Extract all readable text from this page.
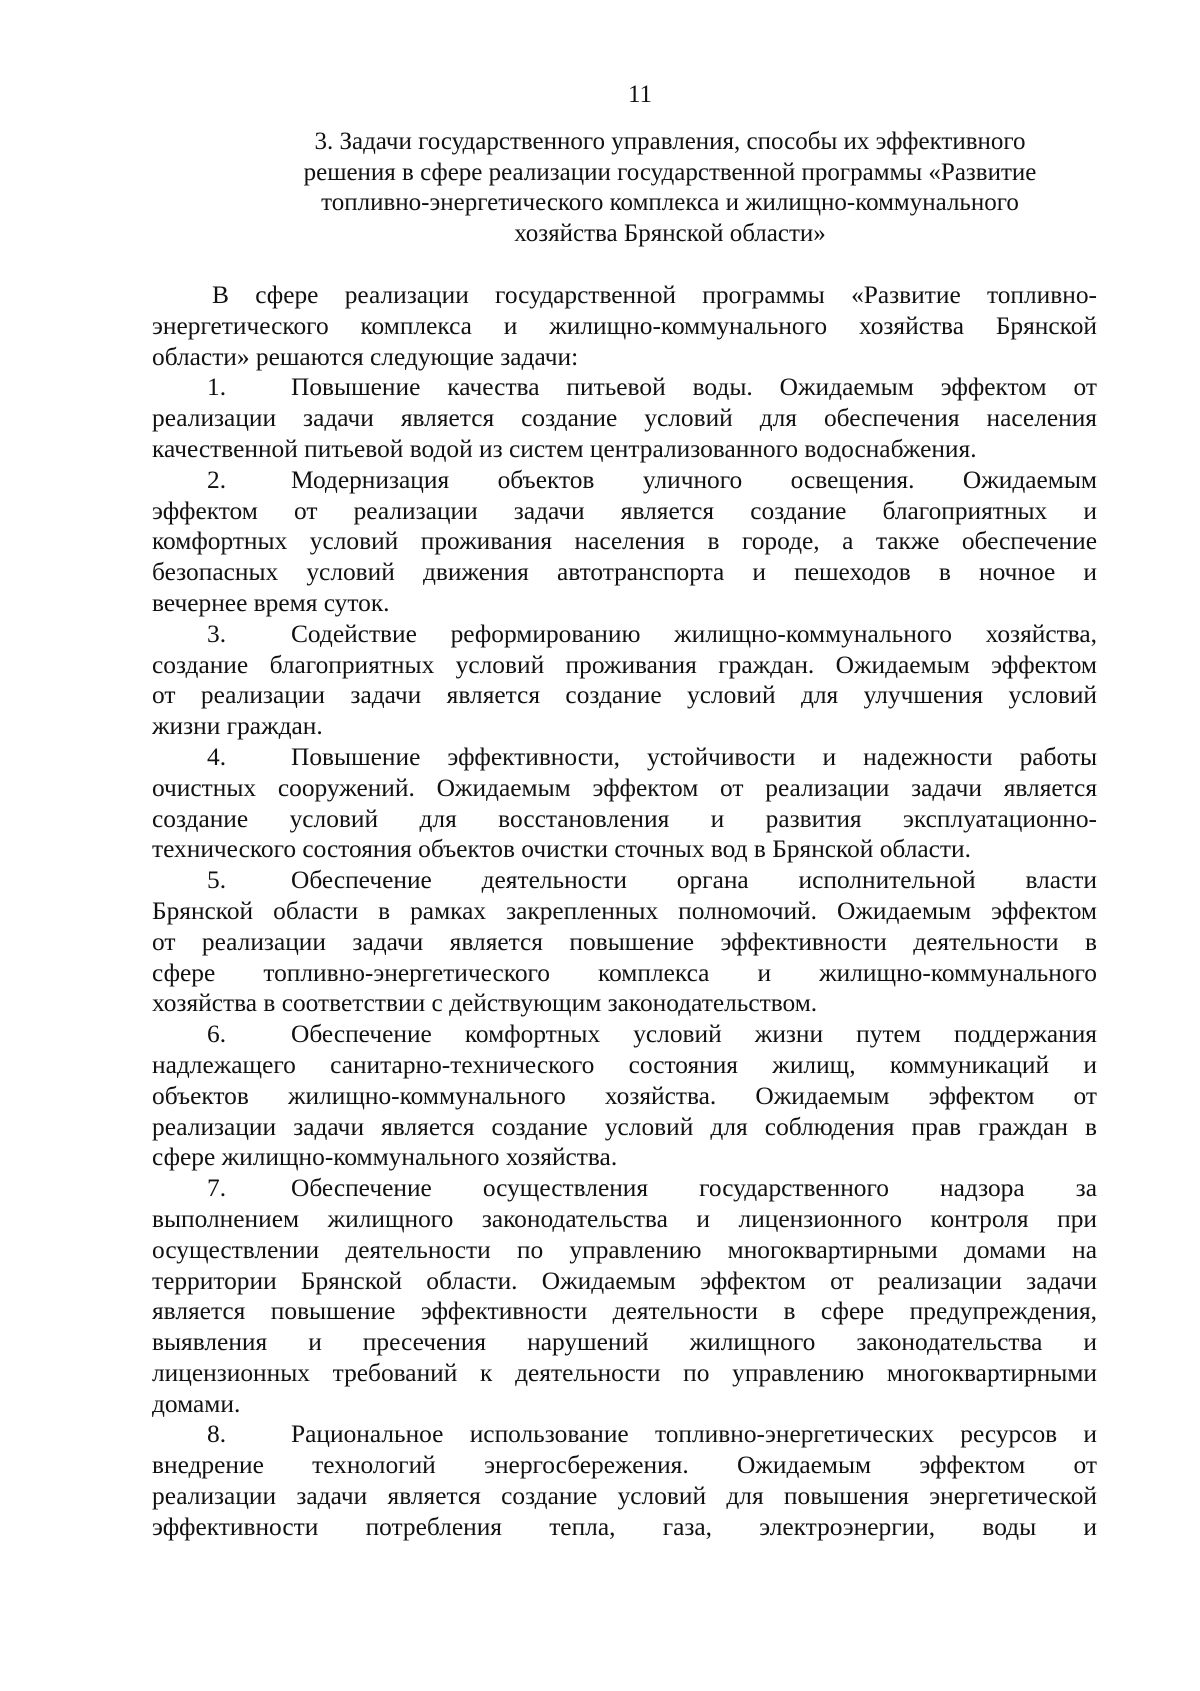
11
3. Задачи государственного управления, способы их эффективного
решения в сфере реализации государственной программы «Развитие
топливно-энергетического комплекса и жилищно-коммунального
хозяйства Брянской области»
В сфере реализации государственной программы «Развитие топливно-
энергетического комплекса и жилищно-коммунального хозяйства Брянской
области» решаются следующие задачи:
1.	Повышение качества питьевой воды. Ожидаемым эффектом от
реализации задачи является создание условий для обеспечения населения
качественной питьевой водой из систем централизованного водоснабжения.
2.	Модернизация объектов уличного освещения. Ожидаемым
эффектом от реализации задачи является создание благоприятных и
комфортных условий проживания населения в городе, а также обеспечение
безопасных условий движения автотранспорта и пешеходов в ночное и
вечернее время суток.
3.	Содействие реформированию жилищно-коммунального хозяйства,
создание благоприятных условий проживания граждан. Ожидаемым эффектом
от реализации задачи является создание условий для улучшения условий
жизни граждан.
4.	Повышение эффективности, устойчивости и надежности работы
очистных сооружений. Ожидаемым эффектом от реализации задачи является
создание условий для восстановления и развития эксплуатационно-
технического состояния объектов очистки сточных вод в Брянской области.
5.	Обеспечение деятельности органа исполнительной власти
Брянской области в рамках закрепленных полномочий. Ожидаемым эффектом
от реализации задачи является повышение эффективности деятельности в
сфере топливно-энергетического комплекса и жилищно-коммунального
хозяйства в соответствии с действующим законодательством.
6.	Обеспечение комфортных условий жизни путем поддержания
надлежащего санитарно-технического состояния жилищ, коммуникаций и
объектов жилищно-коммунального хозяйства. Ожидаемым эффектом от
реализации задачи является создание условий для соблюдения прав граждан в
сфере жилищно-коммунального хозяйства.
7.	Обеспечение осуществления государственного надзора за
выполнением жилищного законодательства и лицензионного контроля при
осуществлении деятельности по управлению многоквартирными домами на
территории Брянской области. Ожидаемым эффектом от реализации задачи
является повышение эффективности деятельности в сфере предупреждения,
выявления и пресечения нарушений жилищного законодательства и
лицензионных требований к деятельности по управлению многоквартирными
домами.
8.	Рациональное использование топливно-энергетических ресурсов и
внедрение технологий энергосбережения. Ожидаемым эффектом от
реализации задачи является создание условий для повышения энергетической
эффективности потребления тепла, газа, электроэнергии, воды и
